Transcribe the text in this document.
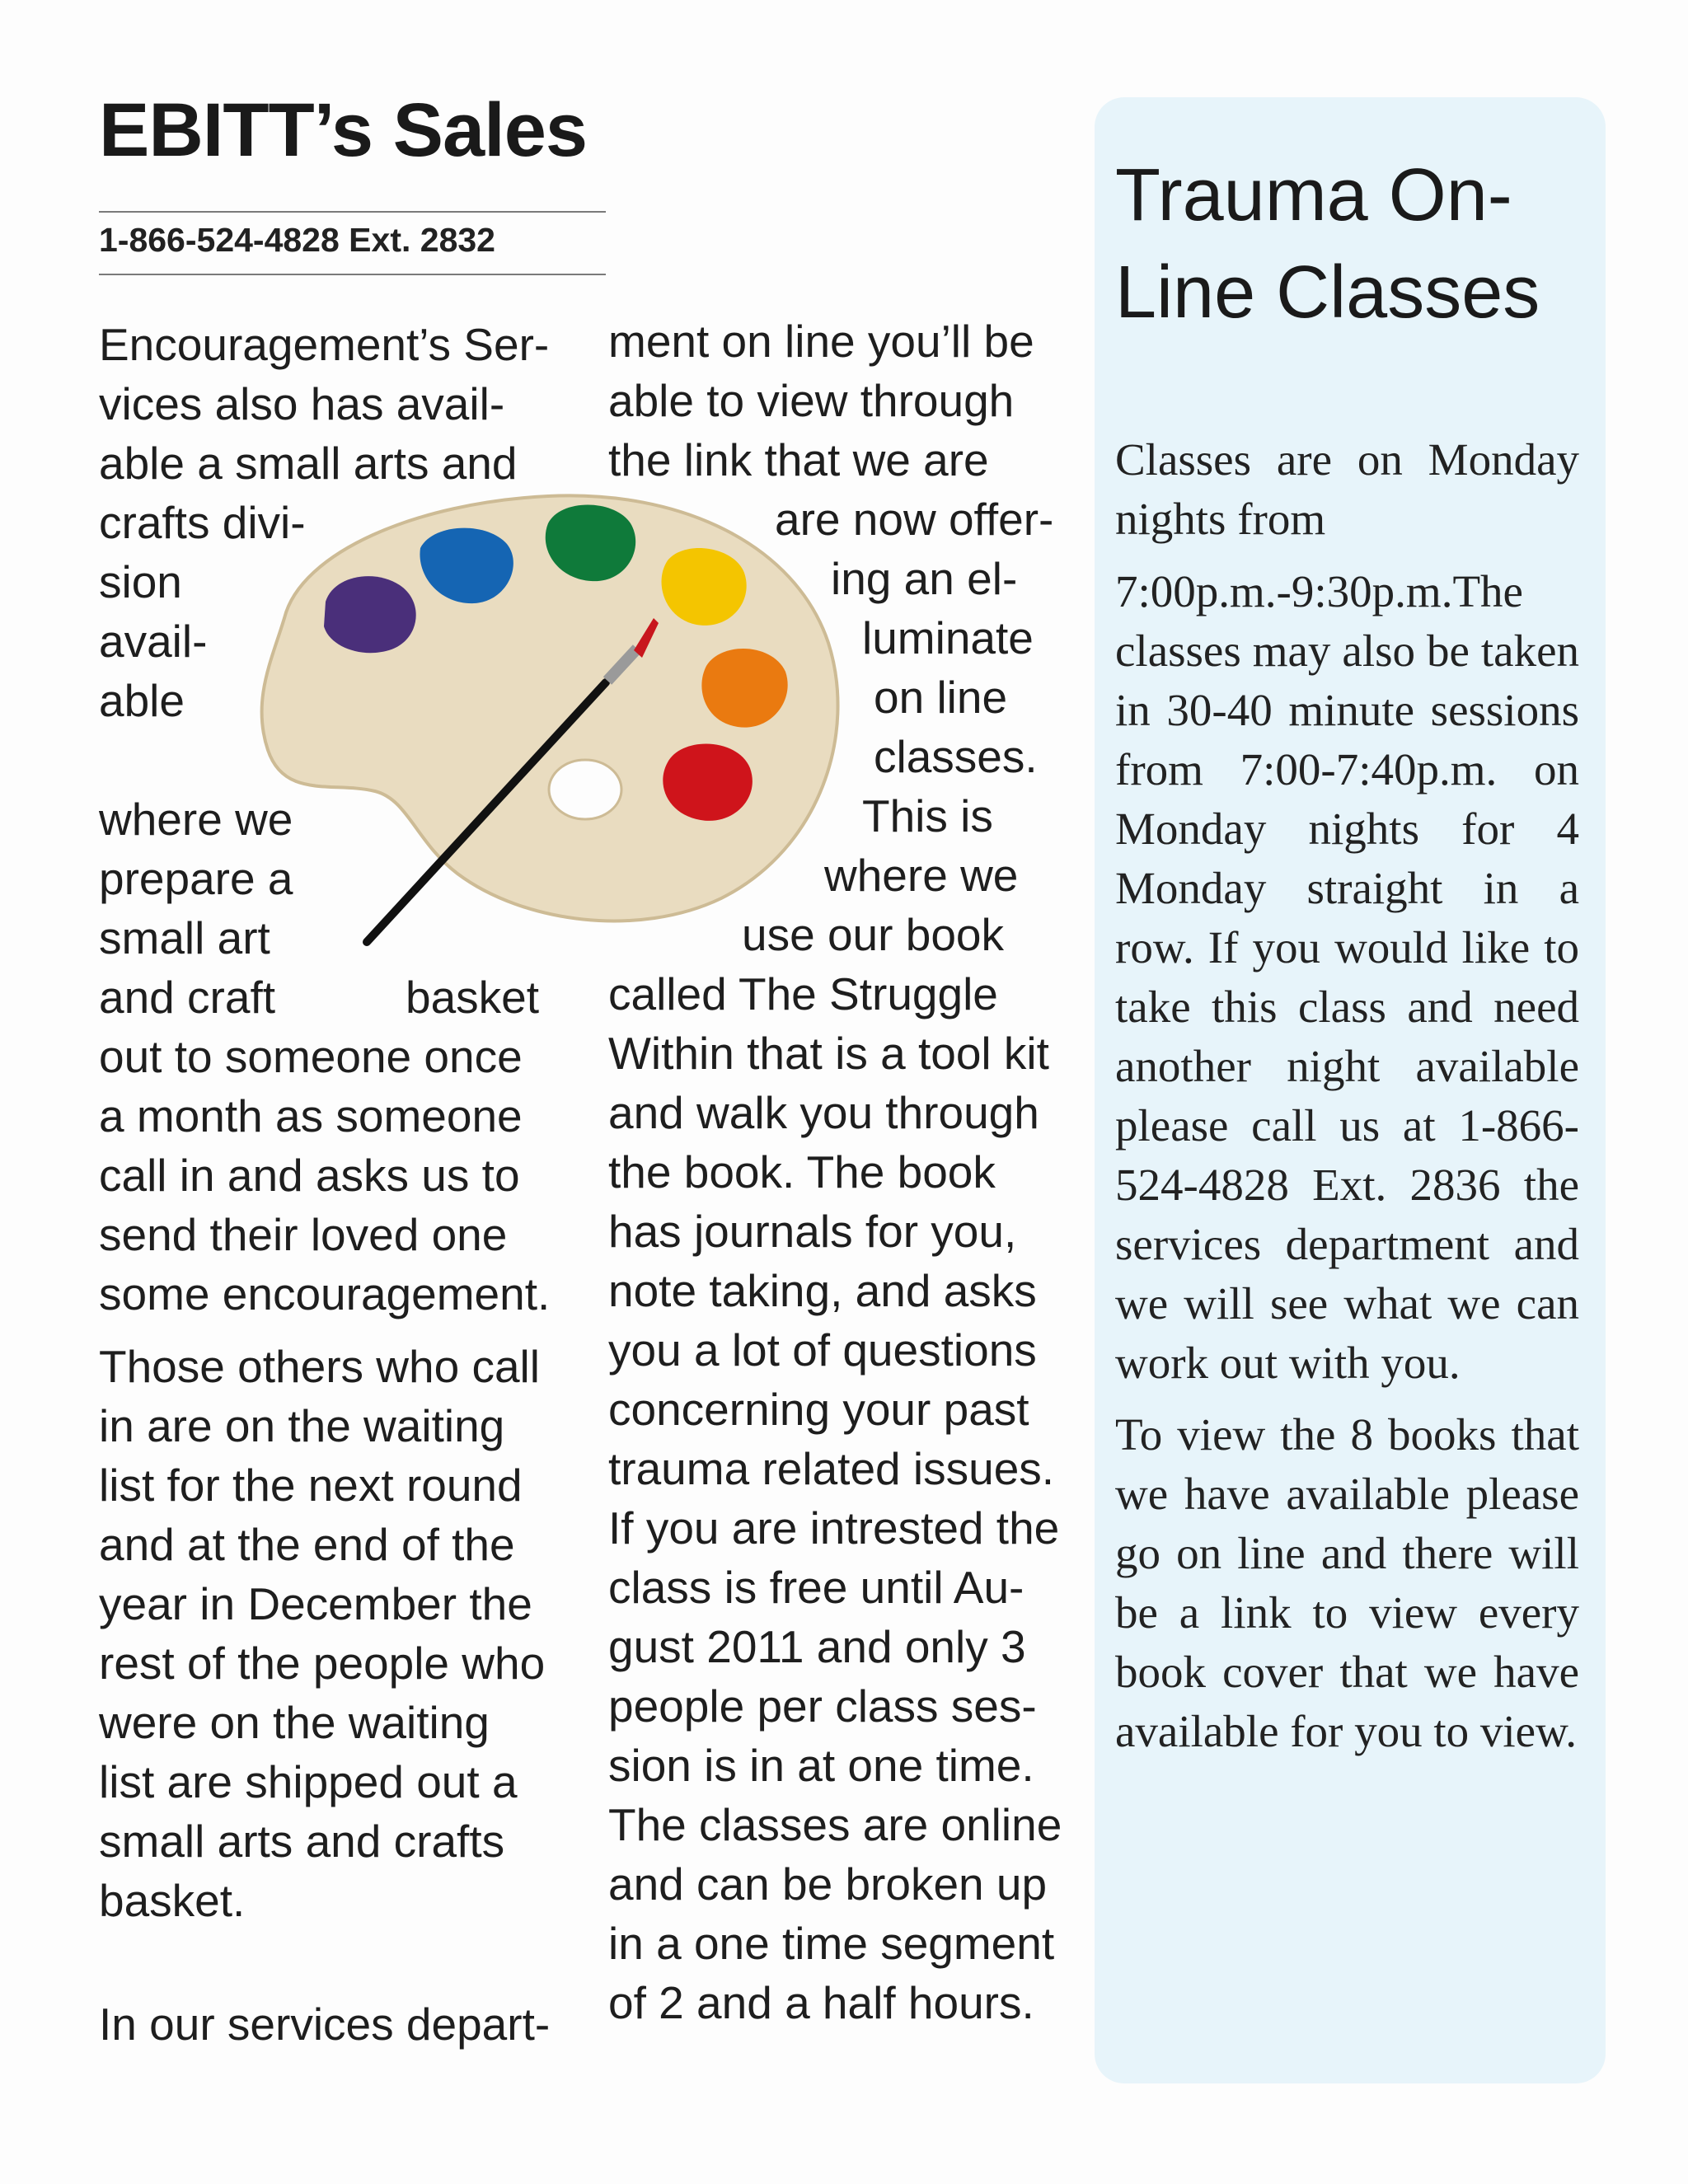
EBITT’s Sales
1-866-524-4828 Ext. 2832
Encouragement’s Ser-
vices also has avail-
able a small arts and
crafts divi-
sion
avail-
able
where we
prepare a
small art
and craft	basket
out to someone once
a month as someone
call in and asks us to
send their loved one
some encouragement.
Those others who call
in are on the waiting
list for the next round
and at the end of the
year in December the
rest of the people who
were on the waiting
list are shipped out a
small arts and crafts
basket.
In our services depart-
ment on line you’ll be
able to view through
the link that we are
are now offer-
ing an el-
luminate
on line
classes.
This is
where we
use our book
called The Struggle
Within that is a tool kit
and walk you through
the book. The book
has journals for you,
note taking, and asks
you a lot of questions
concerning your past
trauma related issues.
If you are intrested the
class is free until Au-
gust 2011 and only 3
people per class ses-
sion is in at one time.
The classes are online
and can be broken up
in a one time segment
of 2 and a half hours.
Trauma On-
Line Classes
Classes are on Monday
nights from
7:00p.m.-9:30p.m.The
classes may also be taken
in 30-40 minute sessions
from 7:00-7:40p.m. on
Monday nights for 4
Monday straight in a
row. If you would like to
take this class and need
another night available
please call us at 1-866-
524-4828 Ext. 2836 the
services department and
we will see what we can
work out with you.
To view the 8 books that
we have available please
go on line and there will
be a link to view every
book cover that we have
available for you to view.
